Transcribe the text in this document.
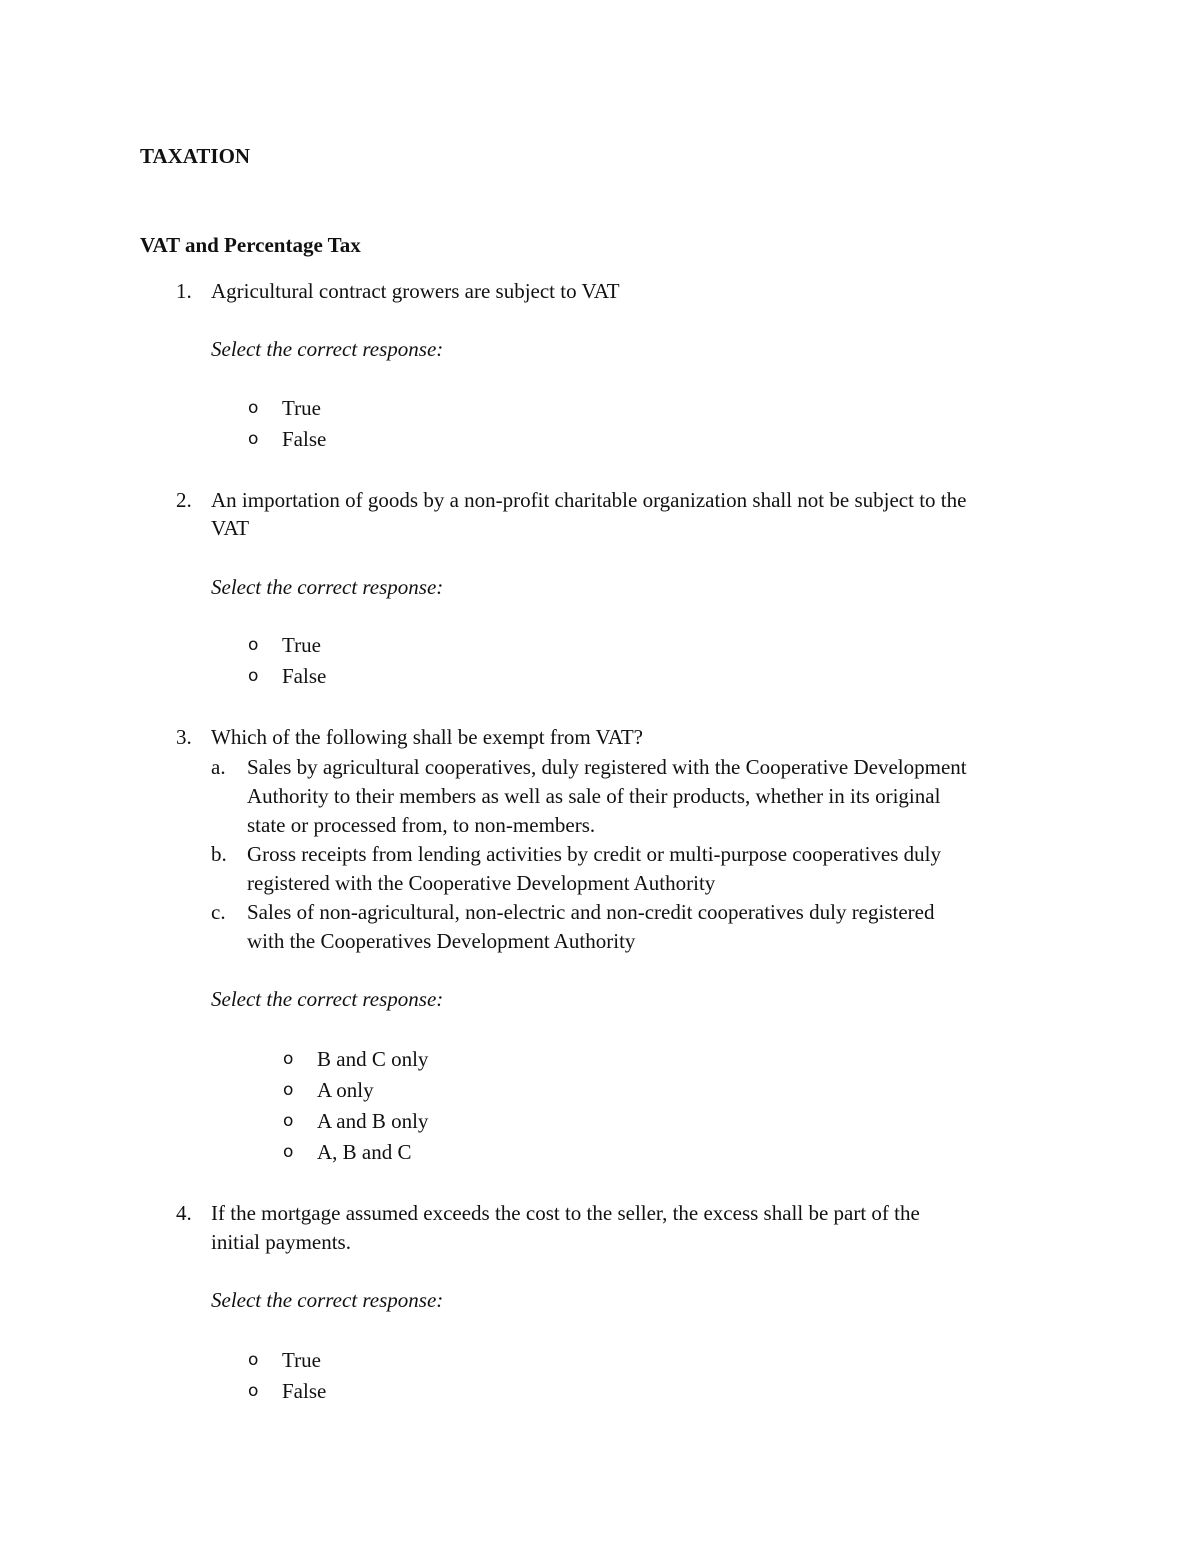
TAXATION
VAT and Percentage Tax
1. Agricultural contract growers are subject to VAT
Select the correct response:
o True
o False
2. An importation of goods by a non-profit charitable organization shall not be subject to the
VAT
Select the correct response:
o True
o False
3. Which of the following shall be exempt from VAT?
a. Sales by agricultural cooperatives, duly registered with the Cooperative Development
Authority to their members as well as sale of their products, whether in its original
state or processed from, to non-members.
b. Gross receipts from lending activities by credit or multi-purpose cooperatives duly
registered with the Cooperative Development Authority
c. Sales of non-agricultural, non-electric and non-credit cooperatives duly registered
with the Cooperatives Development Authority
Select the correct response:
o B and C only
o A only
o A and B only
o A, B and C
4. If the mortgage assumed exceeds the cost to the seller, the excess shall be part of the
initial payments.
Select the correct response:
o True
o False
